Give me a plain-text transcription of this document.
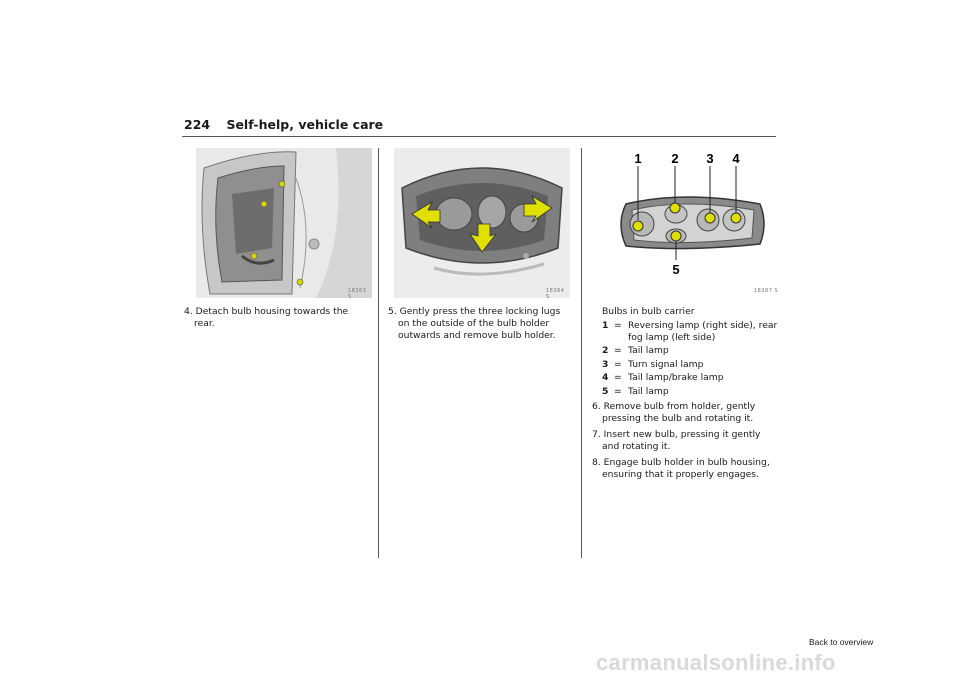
224 Self-help, vehicle care
18263 S
18384 S
1 2 3 4
5
18387 S

4. Detach bulb housing towards the rear.

5. Gently press the three locking lugs on the outside of the bulb holder outwards and remove bulb holder.

Bulbs in bulb carrier
1 = Reversing lamp (right side), rear fog lamp (left side)
2 = Tail lamp
3 = Turn signal lamp
4 = Tail lamp/brake lamp
5 = Tail lamp

6. Remove bulb from holder, gently pressing the bulb and rotating it.

7. Insert new bulb, pressing it gently and rotating it.

8. Engage bulb holder in bulb housing, ensuring that it properly engages.

Back to overview
carmanualsonline.info
